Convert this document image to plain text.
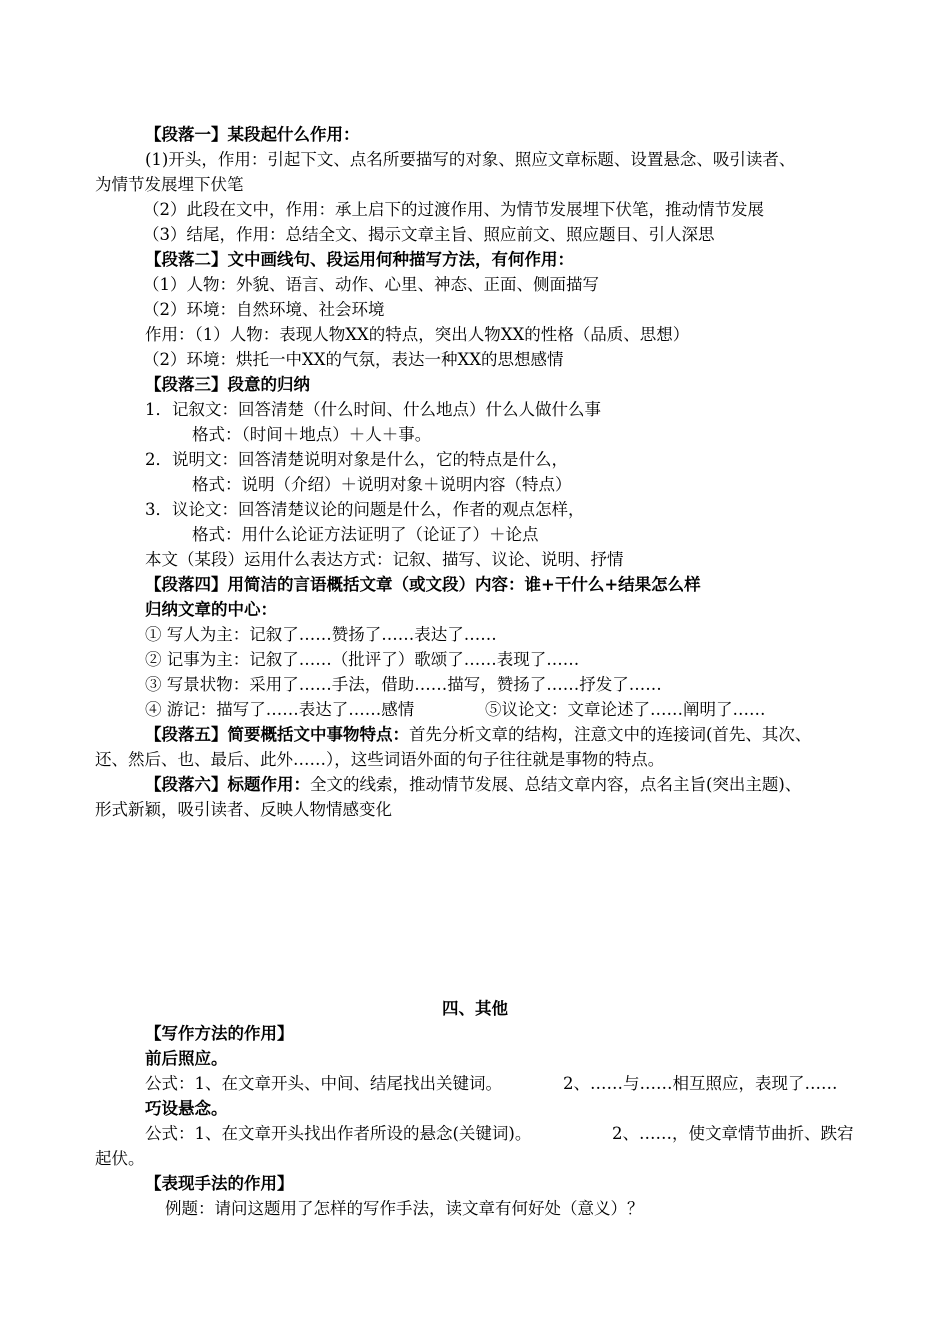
【段落一】某段起什么作用：
(1)开头，作用：引起下文、点名所要描写的对象、照应文章标题、设置悬念、吸引读者、
为情节发展埋下伏笔
（2）此段在文中，作用：承上启下的过渡作用、为情节发展埋下伏笔，推动情节发展
（3）结尾，作用：总结全文、揭示文章主旨、照应前文、照应题目、引人深思
【段落二】文中画线句、段运用何种描写方法，有何作用：
（1）人物：外貌、语言、动作、心里、神态、正面、侧面描写
（2）环境：自然环境、社会环境
作用：（1）人物：表现人物XX的特点，突出人物XX的性格（品质、思想）
（2）环境：烘托一中XX的气氛，表达一种XX的思想感情
【段落三】段意的归纳
1．记叙文：回答清楚（什么时间、什么地点）什么人做什么事
格式：（时间＋地点）＋人＋事。
2．说明文：回答清楚说明对象是什么，它的特点是什么，
格式：说明（介绍）＋说明对象＋说明内容（特点）
3．议论文：回答清楚议论的问题是什么，作者的观点怎样，
格式：用什么论证方法证明了（论证了）＋论点
本文（某段）运用什么表达方式：记叙、描写、议论、说明、抒情
【段落四】用简洁的言语概括文章（或文段）内容：谁+干什么+结果怎么样
归纳文章的中心：
① 写人为主：记叙了……赞扬了……表达了……
② 记事为主：记叙了……（批评了）歌颂了……表现了……
③ 写景状物：采用了……手法，借助……描写，赞扬了……抒发了……
④ 游记：描写了……表达了……感情	⑤议论文：文章论述了……阐明了……
【段落五】简要概括文中事物特点：首先分析文章的结构，注意文中的连接词(首先、其次、
还、然后、也、最后、此外……），这些词语外面的句子往往就是事物的特点。
【段落六】标题作用：全文的线索，推动情节发展、总结文章内容，点名主旨(突出主题)、
形式新颖，吸引读者、反映人物情感变化
四、其他
【写作方法的作用】
前后照应。
公式：1、在文章开头、中间、结尾找出关键词。	2、……与……相互照应，表现了……
巧设悬念。
公式：1、在文章开头找出作者所设的悬念(关键词)。	2、……，使文章情节曲折、跌宕
起伏。
【表现手法的作用】
例题：请问这题用了怎样的写作手法，读文章有何好处（意义）？
